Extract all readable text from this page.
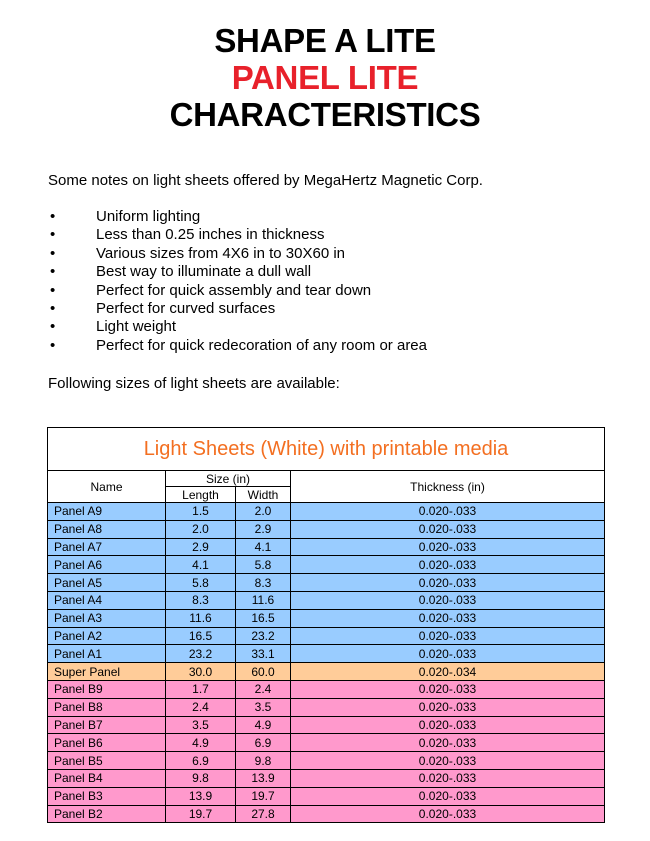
SHAPE A LITE
PANEL LITE
CHARACTERISTICS
Some notes on light sheets offered by MegaHertz Magnetic Corp.
•	Uniform lighting
•	Less than 0.25 inches in thickness
•	Various sizes from 4X6 in to 30X60 in
•	Best way to illuminate a dull wall
•	Perfect for quick assembly and tear down
•	Perfect for curved surfaces
•	Light weight
•	Perfect for quick redecoration of any room or area
Following sizes of light sheets are available:
Light Sheets (White) with printable media			
Name	Size (in)		Thickness (in)
	Length	Width	
Panel A9	1.5	2.0	0.020-.033
Panel A8	2.0	2.9	0.020-.033
Panel A7	2.9	4.1	0.020-.033
Panel A6	4.1	5.8	0.020-.033
Panel A5	5.8	8.3	0.020-.033
Panel A4	8.3	11.6	0.020-.033
Panel A3	11.6	16.5	0.020-.033
Panel A2	16.5	23.2	0.020-.033
Panel A1	23.2	33.1	0.020-.033
Super Panel	30.0	60.0	0.020-.034
Panel B9	1.7	2.4	0.020-.033
Panel B8	2.4	3.5	0.020-.033
Panel B7	3.5	4.9	0.020-.033
Panel B6	4.9	6.9	0.020-.033
Panel B5	6.9	9.8	0.020-.033
Panel B4	9.8	13.9	0.020-.033
Panel B3	13.9	19.7	0.020-.033
Panel B2	19.7	27.8	0.020-.033
